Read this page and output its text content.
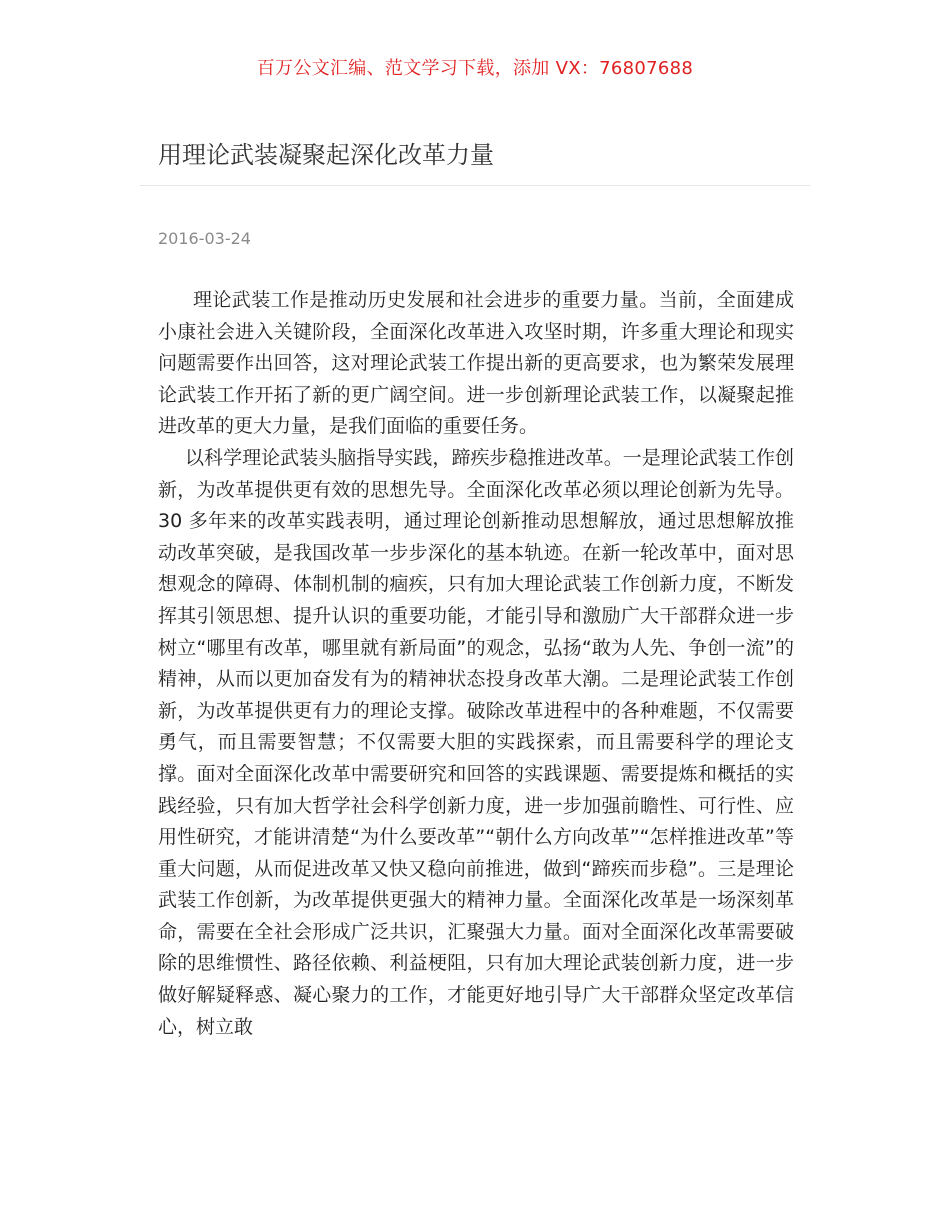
百万公文汇编、范文学习下载，添加 VX：76807688
用理论武装凝聚起深化改革力量
2016-03-24

理论武装工作是推动历史发展和社会进步的重要力量。当前，全面建成小康社会进入关键阶段，全面深化改革进入攻坚时期，许多重大理论和现实问题需要作出回答，这对理论武装工作提出新的更高要求，也为繁荣发展理论武装工作开拓了新的更广阔空间。进一步创新理论武装工作，以凝聚起推进改革的更大力量，是我们面临的重要任务。

以科学理论武装头脑指导实践，蹄疾步稳推进改革。一是理论武装工作创新，为改革提供更有效的思想先导。全面深化改革必须以理论创新为先导。30 多年来的改革实践表明，通过理论创新推动思想解放，通过思想解放推动改革突破，是我国改革一步步深化的基本轨迹。在新一轮改革中，面对思想观念的障碍、体制机制的痼疾，只有加大理论武装工作创新力度，不断发挥其引领思想、提升认识的重要功能，才能引导和激励广大干部群众进一步树立“哪里有改革，哪里就有新局面”的观念，弘扬“敢为人先、争创一流”的精神，从而以更加奋发有为的精神状态投身改革大潮。二是理论武装工作创新，为改革提供更有力的理论支撑。破除改革进程中的各种难题，不仅需要勇气，而且需要智慧；不仅需要大胆的实践探索，而且需要科学的理论支撑。面对全面深化改革中需要研究和回答的实践课题、需要提炼和概括的实践经验，只有加大哲学社会科学创新力度，进一步加强前瞻性、可行性、应用性研究，才能讲清楚“为什么要改革”“朝什么方向改革”“怎样推进改革”等重大问题，从而促进改革又快又稳向前推进，做到“蹄疾而步稳”。三是理论武装工作创新，为改革提供更强大的精神力量。全面深化改革是一场深刻革命，需要在全社会形成广泛共识，汇聚强大力量。面对全面深化改革需要破除的思维惯性、路径依赖、利益梗阻，只有加大理论武装创新力度，进一步做好解疑释惑、凝心聚力的工作，才能更好地引导广大干部群众坚定改革信心，树立敢
